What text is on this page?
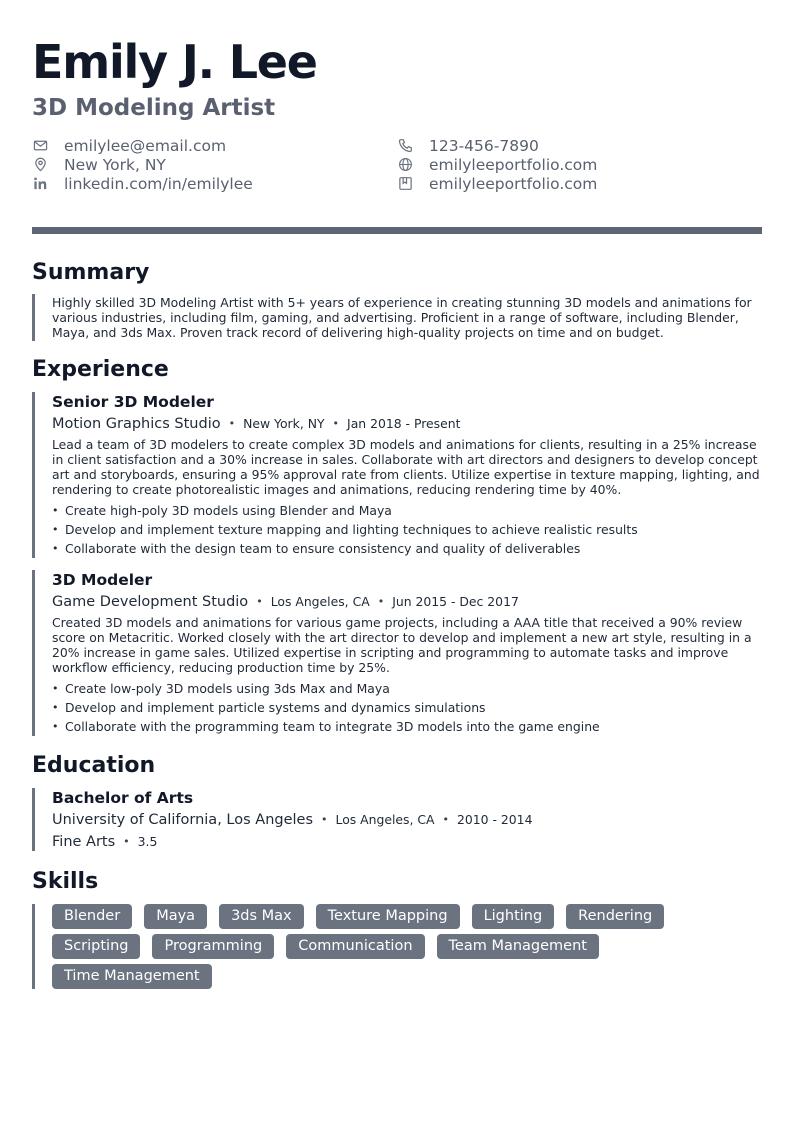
Emily J. Lee
3D Modeling Artist
emilylee@email.com	123-456-7890
New York, NY	emilyleeportfolio.com
linkedin.com/in/emilylee	emilyleeportfolio.com
Summary

Highly skilled 3D Modeling Artist with 5+ years of experience in creating stunning 3D models and animations for various industries, including film, gaming, and advertising. Proficient in a range of software, including Blender, Maya, and 3ds Max. Proven track record of delivering high-quality projects on time and on budget.

Experience
Senior 3D Modeler
Motion Graphics Studio • New York, NY • Jan 2018 - Present

Lead a team of 3D modelers to create complex 3D models and animations for clients, resulting in a 25% increase in client satisfaction and a 30% increase in sales. Collaborate with art directors and designers to develop concept art and storyboards, ensuring a 95% approval rate from clients. Utilize expertise in texture mapping, lighting, and rendering to create photorealistic images and animations, reducing rendering time by 40%.

• Create high-poly 3D models using Blender and Maya
• Develop and implement texture mapping and lighting techniques to achieve realistic results
• Collaborate with the design team to ensure consistency and quality of deliverables
3D Modeler
Game Development Studio • Los Angeles, CA • Jun 2015 - Dec 2017

Created 3D models and animations for various game projects, including a AAA title that received a 90% review score on Metacritic. Worked closely with the art director to develop and implement a new art style, resulting in a 20% increase in game sales. Utilized expertise in scripting and programming to automate tasks and improve workflow efficiency, reducing production time by 25%.

• Create low-poly 3D models using 3ds Max and Maya
• Develop and implement particle systems and dynamics simulations
• Collaborate with the programming team to integrate 3D models into the game engine
Education
Bachelor of Arts
University of California, Los Angeles • Los Angeles, CA • 2010 - 2014
Fine Arts • 3.5
Skills
Blender	Maya	3ds Max	Texture Mapping	Lighting	Rendering
Scripting	Programming	Communication	Team Management
Time Management
